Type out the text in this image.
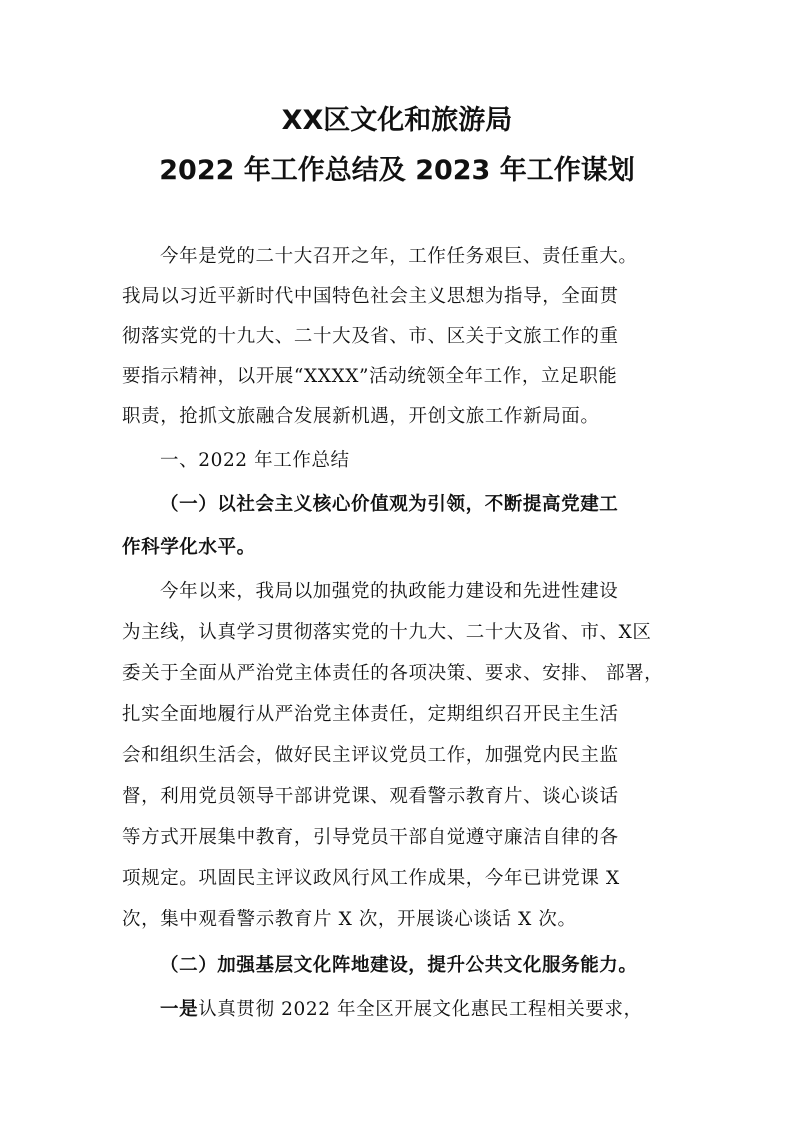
XX区文化和旅游局
2022 年工作总结及 2023 年工作谋划
今年是党的二十大召开之年，工作任务艰巨、责任重大。
我局以习近平新时代中国特色社会主义思想为指导，全面贯
彻落实党的十九大、二十大及省、市、区关于文旅工作的重
要指示精神，以开展“XXXX”活动统领全年工作，立足职能
职责，抢抓文旅融合发展新机遇，开创文旅工作新局面。
一、2022 年工作总结
（一）以社会主义核心价值观为引领，不断提高党建工
作科学化水平。
今年以来，我局以加强党的执政能力建设和先进性建设
为主线，认真学习贯彻落实党的十九大、二十大及省、市、X区
委关于全面从严治党主体责任的各项决策、要求、安排、 部署，
扎实全面地履行从严治党主体责任，定期组织召开民主生活
会和组织生活会，做好民主评议党员工作，加强党内民主监
督，利用党员领导干部讲党课、观看警示教育片、谈心谈话
等方式开展集中教育，引导党员干部自觉遵守廉洁自律的各
项规定。巩固民主评议政风行风工作成果，今年已讲党课 X
次，集中观看警示教育片 X 次，开展谈心谈话 X 次。
（二）加强基层文化阵地建设，提升公共文化服务能力。
一是认真贯彻 2022 年全区开展文化惠民工程相关要求，
